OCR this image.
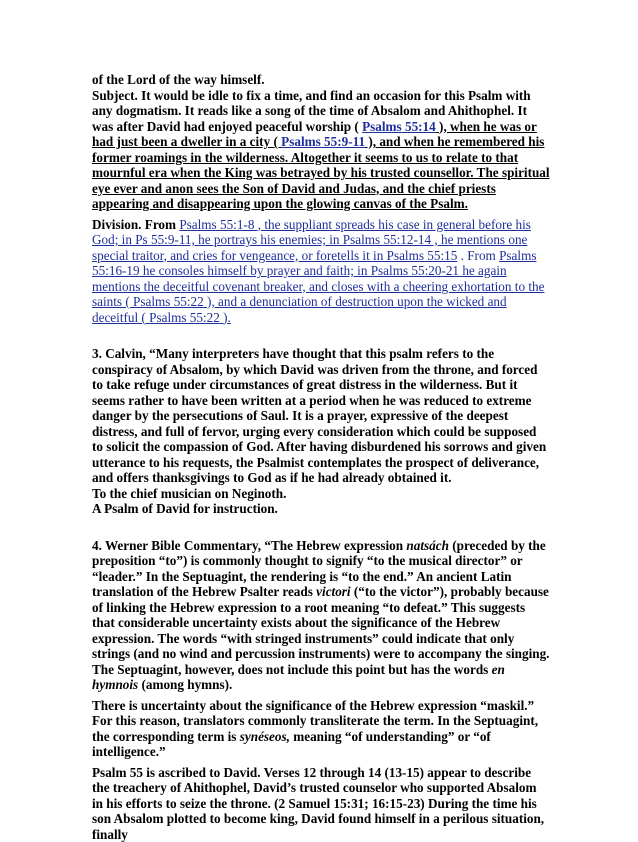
of the Lord of the way himself.
Subject. It would be idle to fix a time, and find an occasion for this Psalm with any dogmatism. It reads like a song of the time of Absalom and Ahithophel. It was after David had enjoyed peaceful worship ( Psalms 55:14 ), when he was or had just been a dweller in a city ( Psalms 55:9-11 ), and when he remembered his former roamings in the wilderness. Altogether it seems to us to relate to that mournful era when the King was betrayed by his trusted counsellor. The spiritual eye ever and anon sees the Son of David and Judas, and the chief priests appearing and disappearing upon the glowing canvas of the Psalm.

Division. From Psalms 55:1-8 , the suppliant spreads his case in general before his God; in Ps 55:9-11, he portrays his enemies; in Psalms 55:12-14 , he mentions one special traitor, and cries for vengeance, or foretells it in Psalms 55:15 . From Psalms 55:16-19 he consoles himself by prayer and faith; in Psalms 55:20-21 he again mentions the deceitful covenant breaker, and closes with a cheering exhortation to the saints ( Psalms 55:22 ), and a denunciation of destruction upon the wicked and deceitful ( Psalms 55:22 ).

3. Calvin, “Many interpreters have thought that this psalm refers to the conspiracy of Absalom, by which David was driven from the throne, and forced to take refuge under circumstances of great distress in the wilderness. But it seems rather to have been written at a period when he was reduced to extreme danger by the persecutions of Saul. It is a prayer, expressive of the deepest distress, and full of fervor, urging every consideration which could be supposed to solicit the compassion of God. After having disburdened his sorrows and given utterance to his requests, the Psalmist contemplates the prospect of deliverance, and offers thanksgivings to God as if he had already obtained it.
To the chief musician on Neginoth.
A Psalm of David for instruction.

4. Werner Bible Commentary, “The Hebrew expression natsách (preceded by the preposition “to”) is commonly thought to signify “to the musical director” or “leader.” In the Septuagint, the rendering is “to the end.” An ancient Latin translation of the Hebrew Psalter reads victori (“to the victor”), probably because of linking the Hebrew expression to a root meaning “to defeat.” This suggests that considerable uncertainty exists about the significance of the Hebrew expression. The words “with stringed instruments” could indicate that only strings (and no wind and percussion instruments) were to accompany the singing. The Septuagint, however, does not include this point but has the words en hymnois (among hymns).

There is uncertainty about the significance of the Hebrew expression “maskil.” For this reason, translators commonly transliterate the term. In the Septuagint, the corresponding term is synéseos, meaning “of understanding” or “of intelligence.”

Psalm 55 is ascribed to David. Verses 12 through 14 (13-15) appear to describe the treachery of Ahithophel, David’s trusted counselor who supported Absalom in his efforts to seize the throne. (2 Samuel 15:31; 16:15-23) During the time his son Absalom plotted to become king, David found himself in a perilous situation, finally
